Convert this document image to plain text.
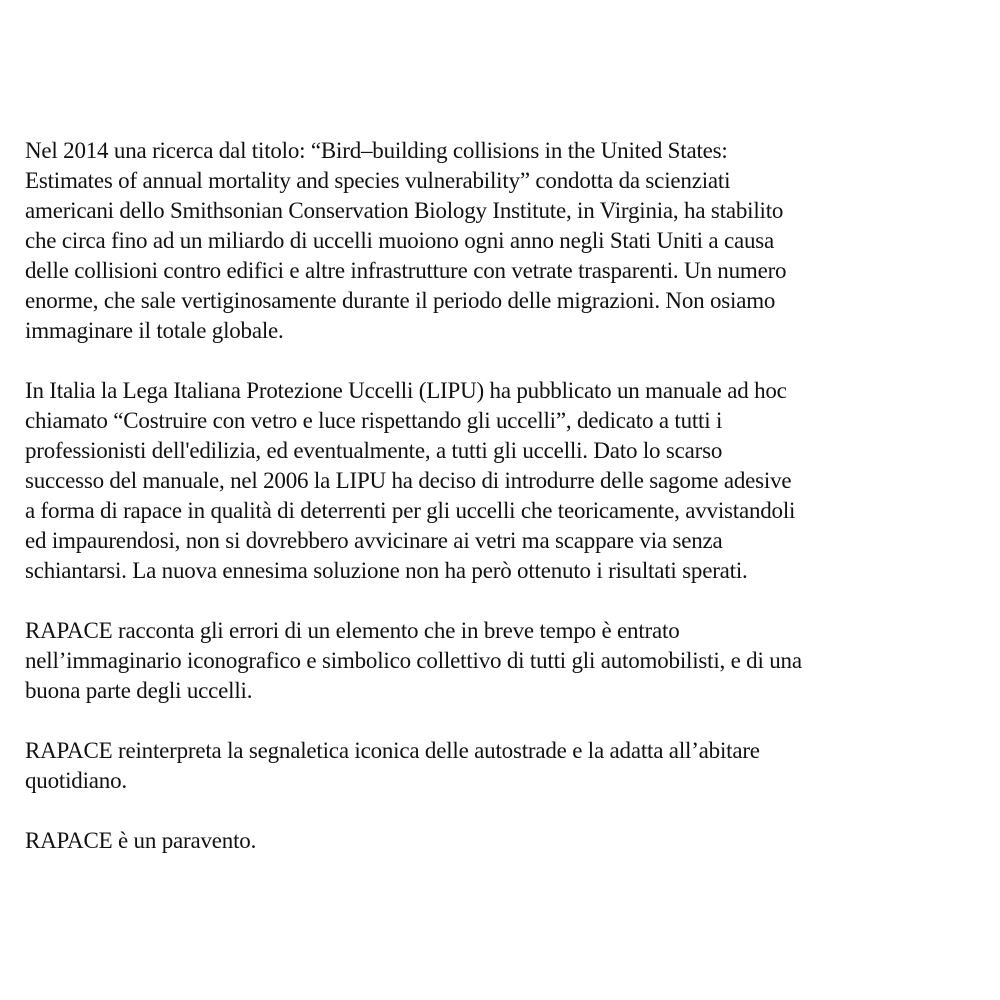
Nel 2014 una ricerca dal titolo: “Bird–building collisions in the United States:
Estimates of annual mortality and species vulnerability” condotta da scienziati
americani dello Smithsonian Conservation Biology Institute, in Virginia, ha stabilito
che circa fino ad un miliardo di uccelli muoiono ogni anno negli Stati Uniti a causa
delle collisioni contro edifici e altre infrastrutture con vetrate trasparenti. Un numero
enorme, che sale vertiginosamente durante il periodo delle migrazioni. Non osiamo
immaginare il totale globale.

In Italia la Lega Italiana Protezione Uccelli (LIPU) ha pubblicato un manuale ad hoc
chiamato “Costruire con vetro e luce rispettando gli uccelli”, dedicato a tutti i
professionisti dell'edilizia, ed eventualmente, a tutti gli uccelli. Dato lo scarso
successo del manuale, nel 2006 la LIPU ha deciso di introdurre delle sagome adesive
a forma di rapace in qualità di deterrenti per gli uccelli che teoricamente, avvistandoli
ed impaurendosi, non si dovrebbero avvicinare ai vetri ma scappare via senza
schiantarsi. La nuova ennesima soluzione non ha però ottenuto i risultati sperati.

RAPACE racconta gli errori di un elemento che in breve tempo è entrato
nell’immaginario iconografico e simbolico collettivo di tutti gli automobilisti, e di una
buona parte degli uccelli.

RAPACE reinterpreta la segnaletica iconica delle autostrade e la adatta all’abitare
quotidiano.

RAPACE è un paravento.
